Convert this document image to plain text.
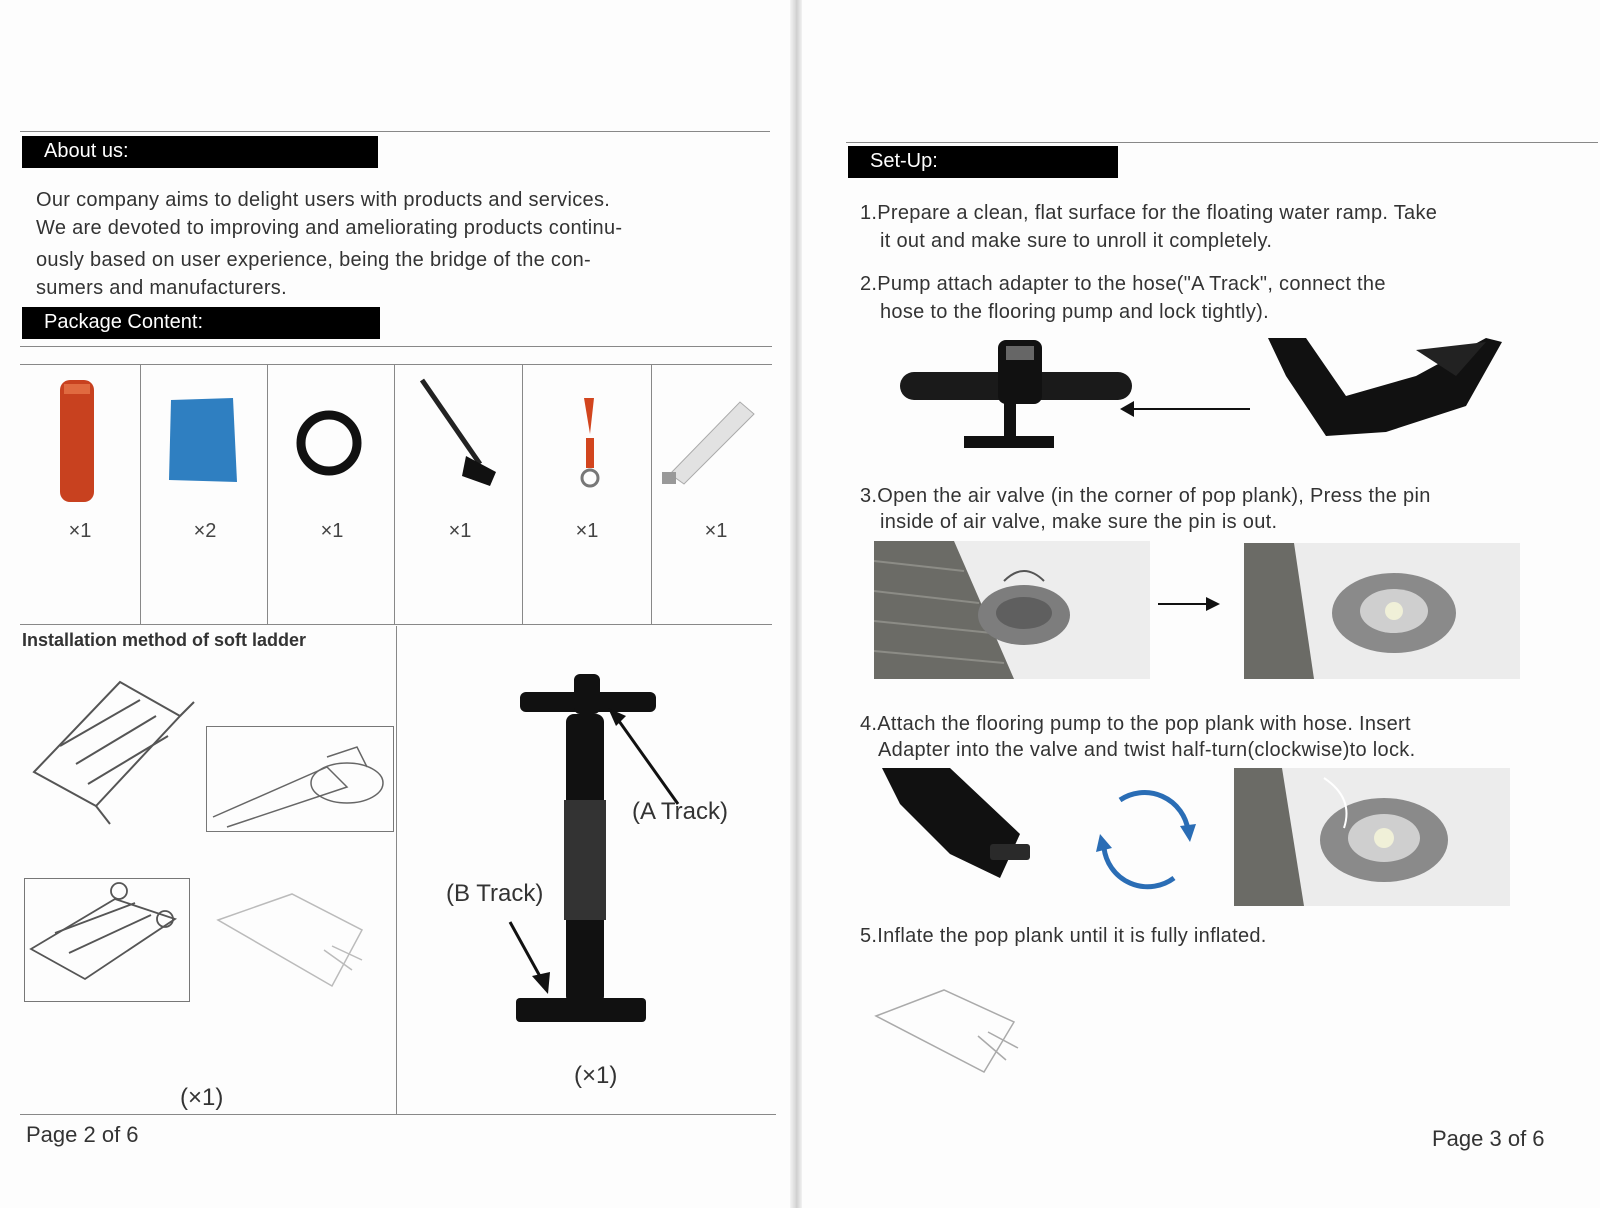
About us:
Our company aims to delight users with products and services.
We are devoted to improving and ameliorating products continu-
ously based on user experience, being the bridge of the con-
sumers and manufacturers.
Package Content:
×1	×2	×1	×1	×1	×1
Installation method of soft ladder
(×1)
(A Track)
(B Track)
(×1)
Page 2 of 6
Set-Up:
1.Prepare a clean, flat surface for the floating water ramp. Take
it out and make sure to unroll it completely.
2.Pump attach adapter to the hose("A Track", connect the
hose to the flooring pump and lock tightly).
3.Open the air valve (in the corner of pop plank), Press the pin
inside of air valve, make sure the pin is out.
4.Attach the flooring pump to the pop plank with hose. Insert
Adapter into the valve and twist half-turn(clockwise)to lock.
5.Inflate the pop plank until it is fully inflated.
Page 3 of 6
